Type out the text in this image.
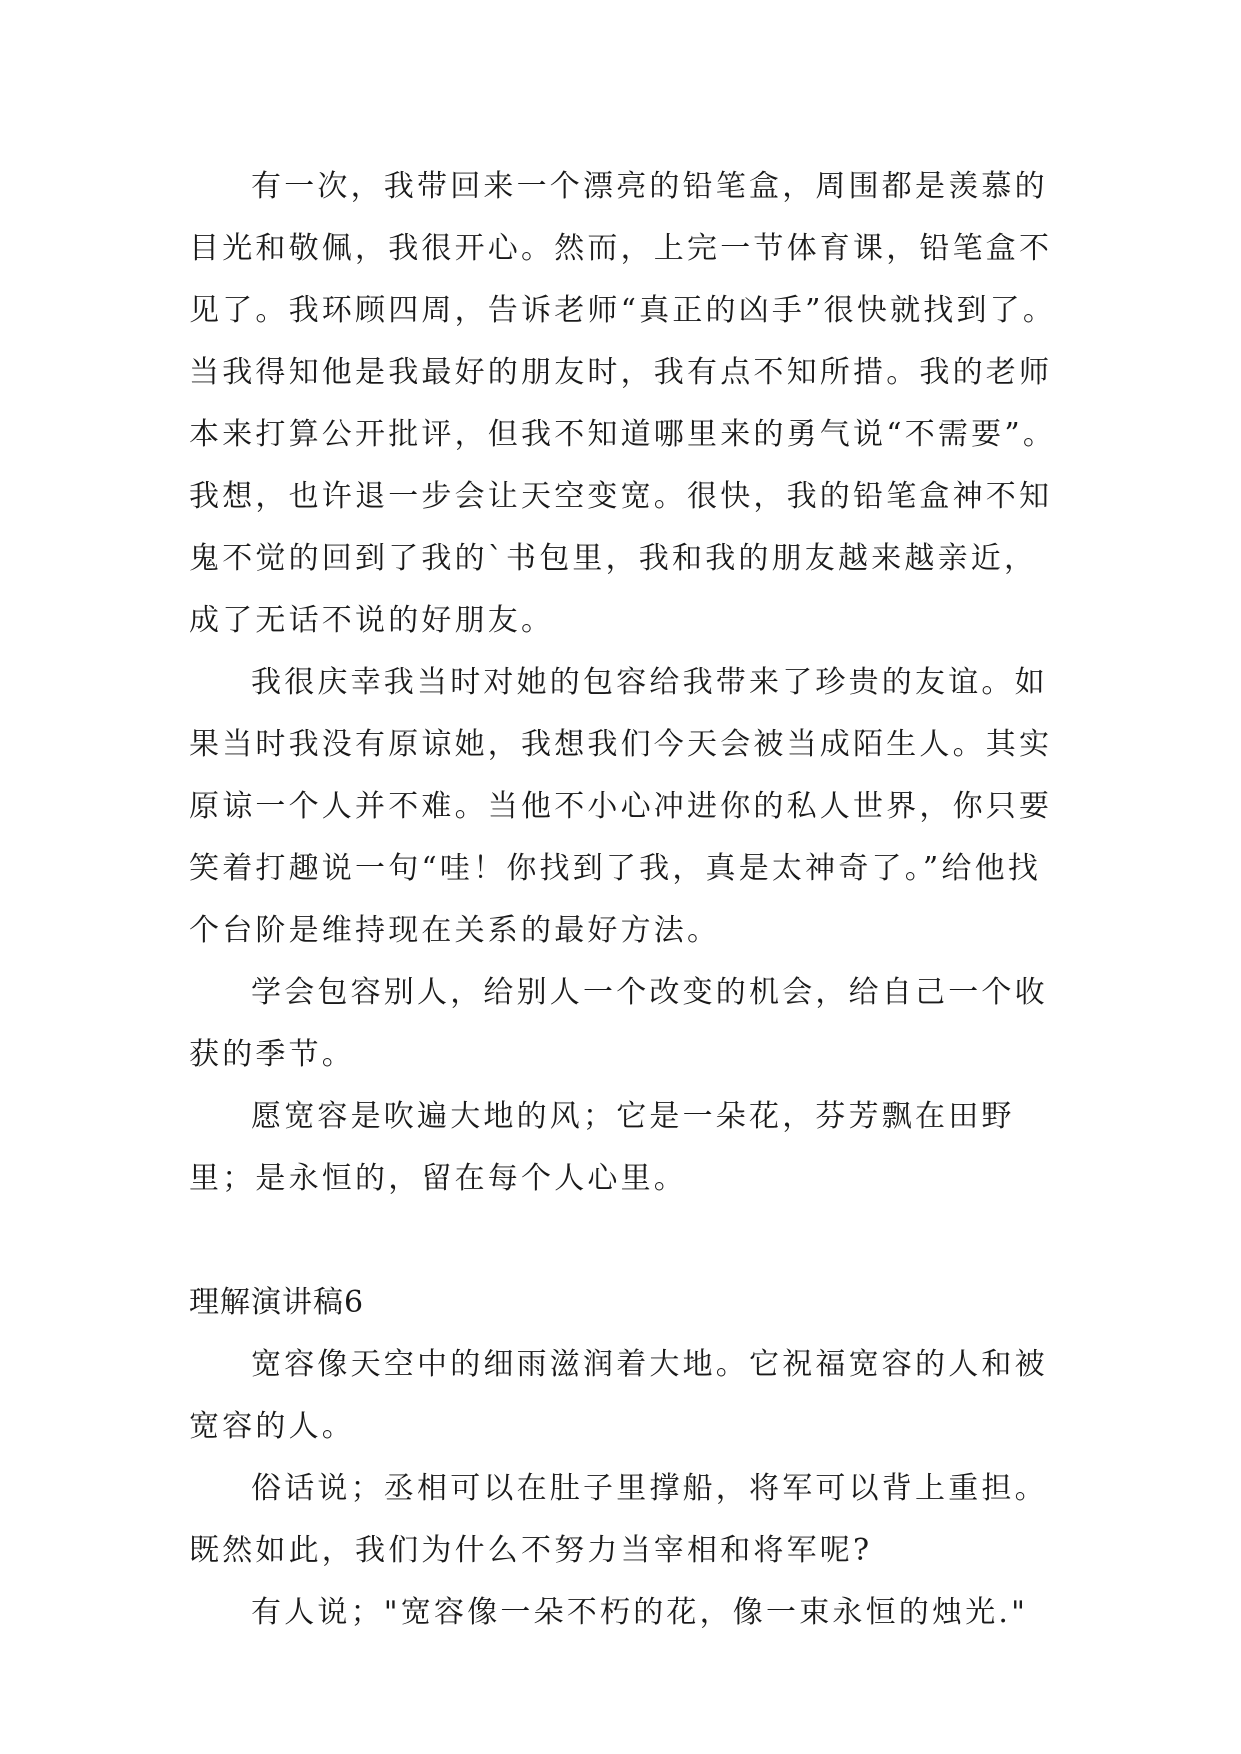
有一次，我带回来一个漂亮的铅笔盒，周围都是羡慕的目光和敬佩，我很开心。然而，上完一节体育课，铅笔盒不见了。我环顾四周，告诉老师“真正的凶手”很快就找到了。当我得知他是我最好的朋友时，我有点不知所措。我的老师本来打算公开批评，但我不知道哪里来的勇气说“不需要”。我想，也许退一步会让天空变宽。很快，我的铅笔盒神不知鬼不觉的回到了我的`书包里，我和我的朋友越来越亲近，成了无话不说的好朋友。

我很庆幸我当时对她的包容给我带来了珍贵的友谊。如果当时我没有原谅她，我想我们今天会被当成陌生人。其实原谅一个人并不难。当他不小心冲进你的私人世界，你只要笑着打趣说一句“哇！你找到了我，真是太神奇了。”给他找个台阶是维持现在关系的最好方法。

学会包容别人，给别人一个改变的机会，给自己一个收获的季节。

愿宽容是吹遍大地的风；它是一朵花，芬芳飘在田野里；是永恒的，留在每个人心里。

理解演讲稿6

宽容像天空中的细雨滋润着大地。它祝福宽容的人和被宽容的人。

俗话说；丞相可以在肚子里撑船，将军可以背上重担。既然如此，我们为什么不努力当宰相和将军呢?

有人说；"宽容像一朵不朽的花，像一束永恒的烛光."
